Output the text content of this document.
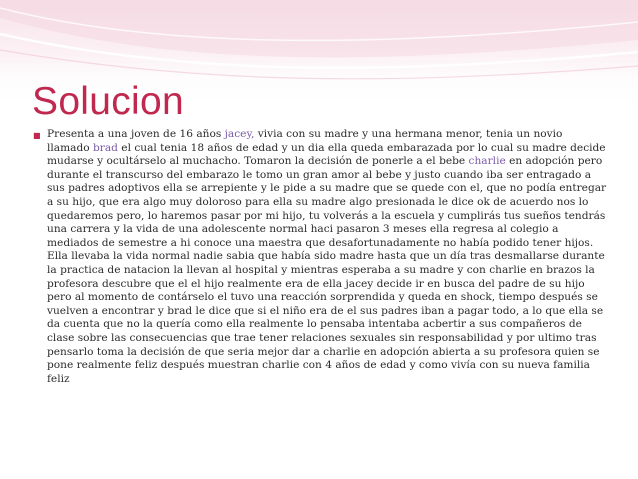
Solucion
■ Presenta a una joven de 16 años jacey, vivia con su madre y una hermana menor, tenia un novio llamado brad el cual tenia 18 años de edad y un dia ella queda embarazada por lo cual su madre decide mudarse y ocultárselo al muchacho. Tomaron la decisión de ponerle a el bebe charlie en adopción pero durante el transcurso del embarazo le tomo un gran amor al bebe y justo cuando iba ser entragado a sus padres adoptivos ella se arrepiente y le pide a su madre que se quede con el, que no podía entregar a su hijo, que era algo muy doloroso para ella su madre algo presionada le dice ok de acuerdo nos lo quedaremos pero, lo haremos pasar por mi hijo, tu volverás a la escuela y cumplirás tus sueños tendrás una carrera y la vida de una adolescente normal haci pasaron 3 meses ella regresa al colegio a mediados de semestre a hi conoce una maestra que desafortunadamente no había podido tener hijos. Ella llevaba la vida normal nadie sabia que había sido madre hasta que un día tras desmallarse durante la practica de natacion la llevan al hospital y mientras esperaba a su madre y con charlie en brazos la profesora descubre que el el hijo realmente era de ella jacey decide ir en busca del padre de su hijo pero al momento de contárselo el tuvo una reacción sorprendida y queda en shock, tiempo después se vuelven a encontrar y brad le dice que si el niño era de el sus padres iban a pagar todo, a lo que ella se da cuenta que no la quería como ella realmente lo pensaba intentaba acbertir a sus compañeros de clase sobre las consecuencias que trae tener relaciones sexuales sin responsabilidad y por ultimo tras pensarlo toma la decisión de que seria mejor dar a charlie en adopción abierta a su profesora quien se pone realmente feliz después muestran charlie con 4 años de edad y como vivía con su nueva familia feliz
